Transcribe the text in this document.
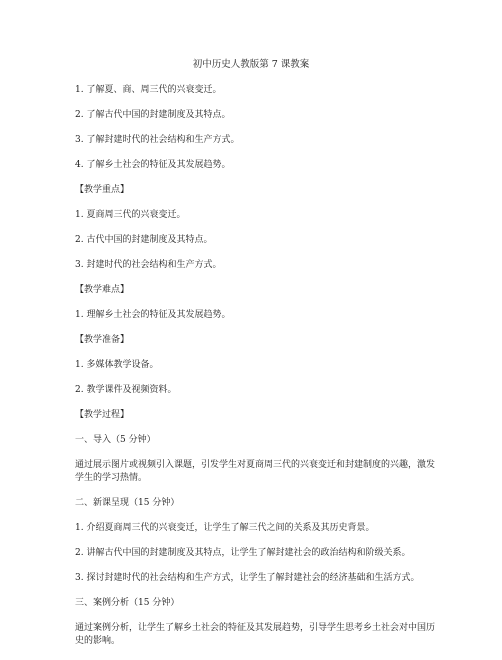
初中历史人教版第 7 课教案

1. 了解夏、商、周三代的兴衰变迁。

2. 了解古代中国的封建制度及其特点。

3. 了解封建时代的社会结构和生产方式。

4. 了解乡土社会的特征及其发展趋势。

【教学重点】

1. 夏商周三代的兴衰变迁。

2. 古代中国的封建制度及其特点。

3. 封建时代的社会结构和生产方式。

【教学难点】

1. 理解乡土社会的特征及其发展趋势。

【教学准备】

1. 多媒体教学设备。

2. 教学课件及视频资料。

【教学过程】

一、导入（5 分钟）

通过展示图片或视频引入课题，引发学生对夏商周三代的兴衰变迁和封建制度的兴趣，激发学生的学习热情。

二、新课呈现（15 分钟）

1. 介绍夏商周三代的兴衰变迁，让学生了解三代之间的关系及其历史背景。

2. 讲解古代中国的封建制度及其特点，让学生了解封建社会的政治结构和阶级关系。

3. 探讨封建时代的社会结构和生产方式，让学生了解封建社会的经济基础和生活方式。

三、案例分析（15 分钟）

通过案例分析，让学生了解乡土社会的特征及其发展趋势，引导学生思考乡土社会对中国历史的影响。
